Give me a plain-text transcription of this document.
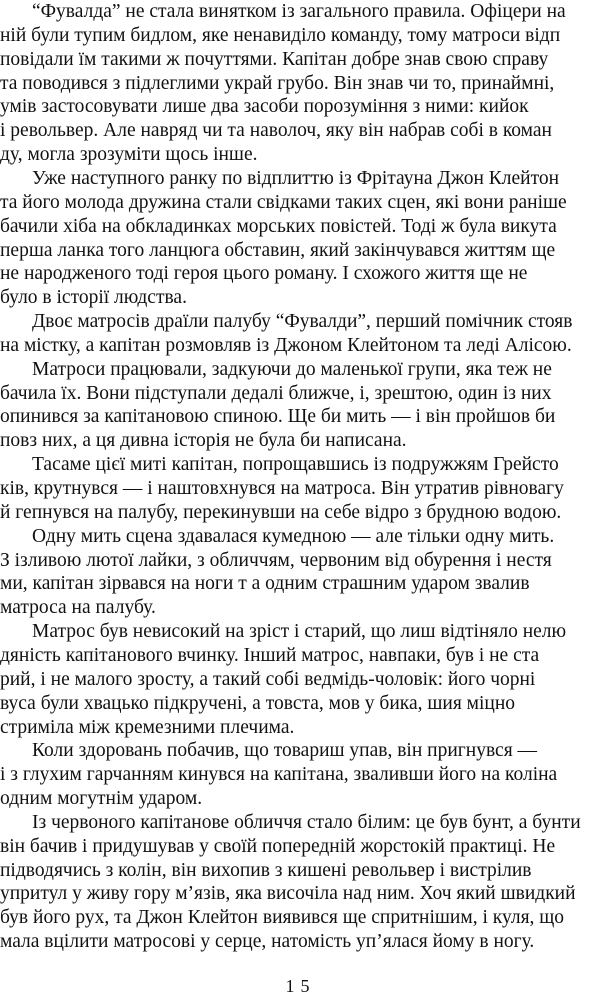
“Фувалда” не стала винятком із загального правила. Офіцери на
ній були тупим бидлом, яке ненавиділо команду, тому матроси відп
повідали їм такими ж почуттями. Капітан добре знав свою справу
та поводився з підлеглими украй грубо. Він знав чи то, принаймні,
умів застосовувати лише два засоби порозуміння з ними: кийок
і револьвер. Але навряд чи та наволоч, яку він набрав собі в коман
ду, могла зрозуміти щось інше.
Уже наступного ранку по відплиттю із Фрітауна Джон Клейтон
та його молода дружина стали свідками таких сцен, які вони раніше
бачили хіба на обкладинках морських повістей. Тоді ж була викута
перша ланка того ланцюга обставин, який закінчувався життям ще
не народженого тоді героя цього роману. І схожого життя ще не
було в історії людства.
Двоє матросів драїли палубу “Фувалди”, перший помічник стояв
на містку, а капітан розмовляв із Джоном Клейтоном та леді Алісою.
Матроси працювали, задкуючи до маленької групи, яка теж не
бачила їх. Вони підступали дедалі ближче, і, зрештою, один із них
опинився за капітановою спиною. Ще би мить — і він пройшов би
повз них, а ця дивна історія не була би написана.
Тасаме цієї миті капітан, попрощавшись із подружжям Грейсто
ків, крутнувся — і наштовхнувся на матроса. Він утратив рівновагу
й гепнувся на палубу, перекинувши на себе відро з брудною водою.
Одну мить сцена здавалася кумедною — але тільки одну мить.
З ізливою лютої лайки, з обличчям, червоним від обурення і нестя
ми, капітан зірвався на ноги т а одним страшним ударом звалив
матроса на палубу.
Матрос був невисокий на зріст і старий, що лиш відтіняло нелю
дяність капітанового вчинку. Інший матрос, навпаки, був і не ста
рий, і не малого зросту, а такий собі ведмідь-чоловік: його чорні
вуса були хвацько підкручені, а товста, мов у бика, шия міцно
стриміла між кремезними плечима.
Коли здоровань побачив, що товариш упав, він пригнувся —
і з глухим гарчанням кинувся на капітана, зваливши його на коліна
одним могутнім ударом.
Із червоного капітанове обличчя стало білим: це був бунт, а бунти
він бачив і придушував у своїй попередній жорстокій практиці. Не
підводячись з колін, він вихопив з кишені револьвер і вистрілив
упритул у живу гору м’язів, яка височіла над ним. Хоч який швидкий
був його рух, та Джон Клейтон виявився ще спритнішим, і куля, що
мала вцілити матросові у серце, натомість уп’ялася йому в ногу.
15
